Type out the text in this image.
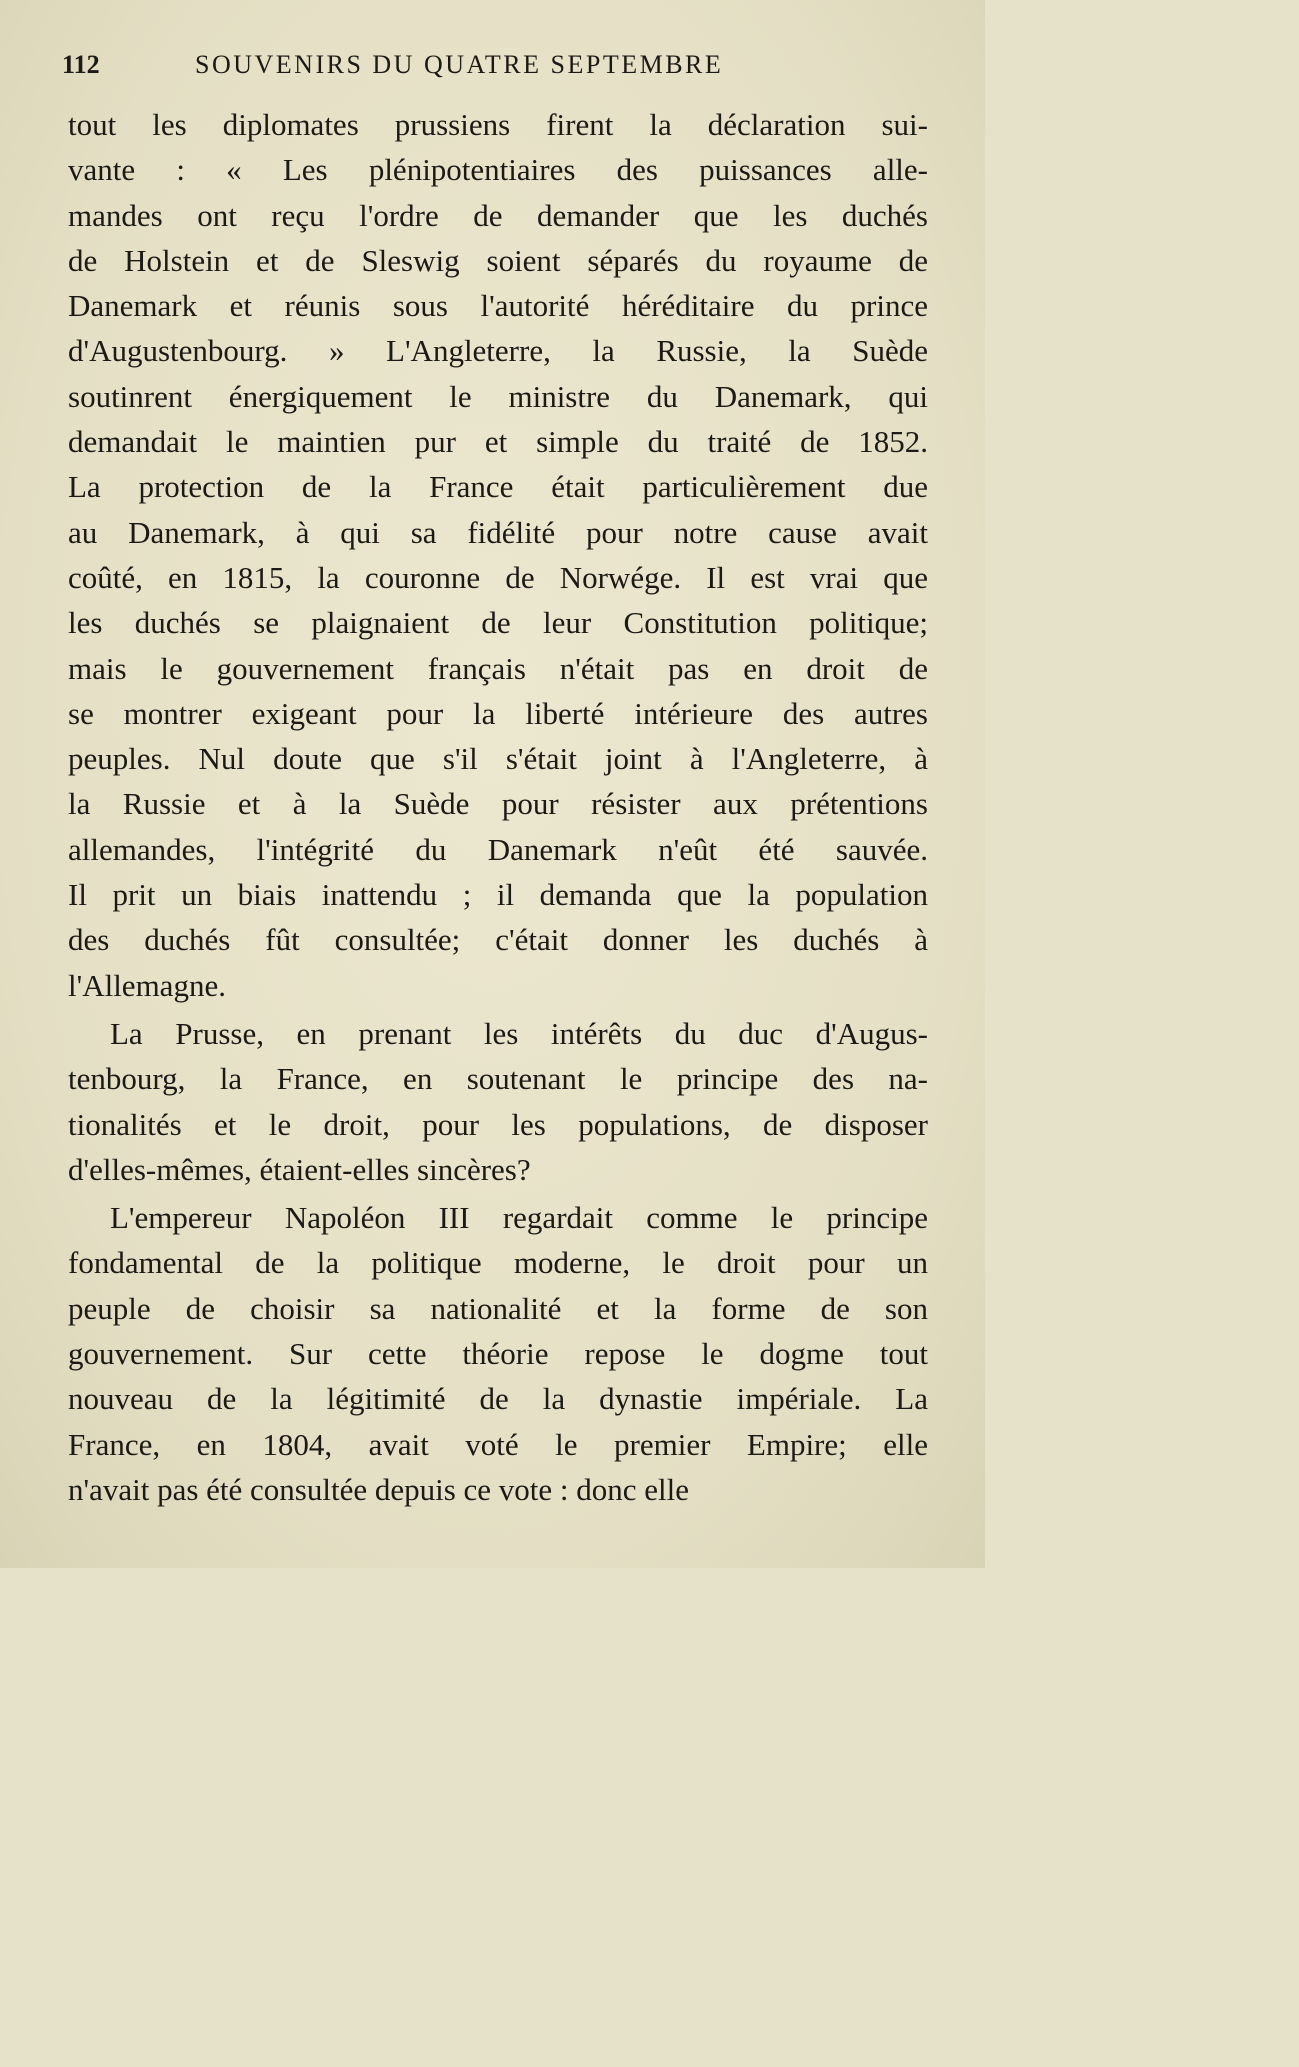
112	SOUVENIRS DU QUATRE SEPTEMBRE
tout les diplomates prussiens firent la déclaration sui-
vante : « Les plénipotentiaires des puissances alle-
mandes ont reçu l'ordre de demander que les duchés
de Holstein et de Sleswig soient séparés du royaume de
Danemark et réunis sous l'autorité héréditaire du prince
d'Augustenbourg. » L'Angleterre, la Russie, la Suède
soutinrent énergiquement le ministre du Danemark, qui
demandait le maintien pur et simple du traité de 1852.
La protection de la France était particulièrement due
au Danemark, à qui sa fidélité pour notre cause avait
coûté, en 1815, la couronne de Norwége. Il est vrai que
les duchés se plaignaient de leur Constitution politique;
mais le gouvernement français n'était pas en droit de
se montrer exigeant pour la liberté intérieure des autres
peuples. Nul doute que s'il s'était joint à l'Angleterre, à
la Russie et à la Suède pour résister aux prétentions
allemandes, l'intégrité du Danemark n'eût été sauvée.
Il prit un biais inattendu ; il demanda que la population
des duchés fût consultée; c'était donner les duchés à
l'Allemagne.
La Prusse, en prenant les intérêts du duc d'Augus-
tenbourg, la France, en soutenant le principe des na-
tionalités et le droit, pour les populations, de disposer
d'elles-mêmes, étaient-elles sincères?
L'empereur Napoléon III regardait comme le principe
fondamental de la politique moderne, le droit pour un
peuple de choisir sa nationalité et la forme de son
gouvernement. Sur cette théorie repose le dogme tout
nouveau de la légitimité de la dynastie impériale. La
France, en 1804, avait voté le premier Empire; elle
n'avait pas été consultée depuis ce vote : donc elle
